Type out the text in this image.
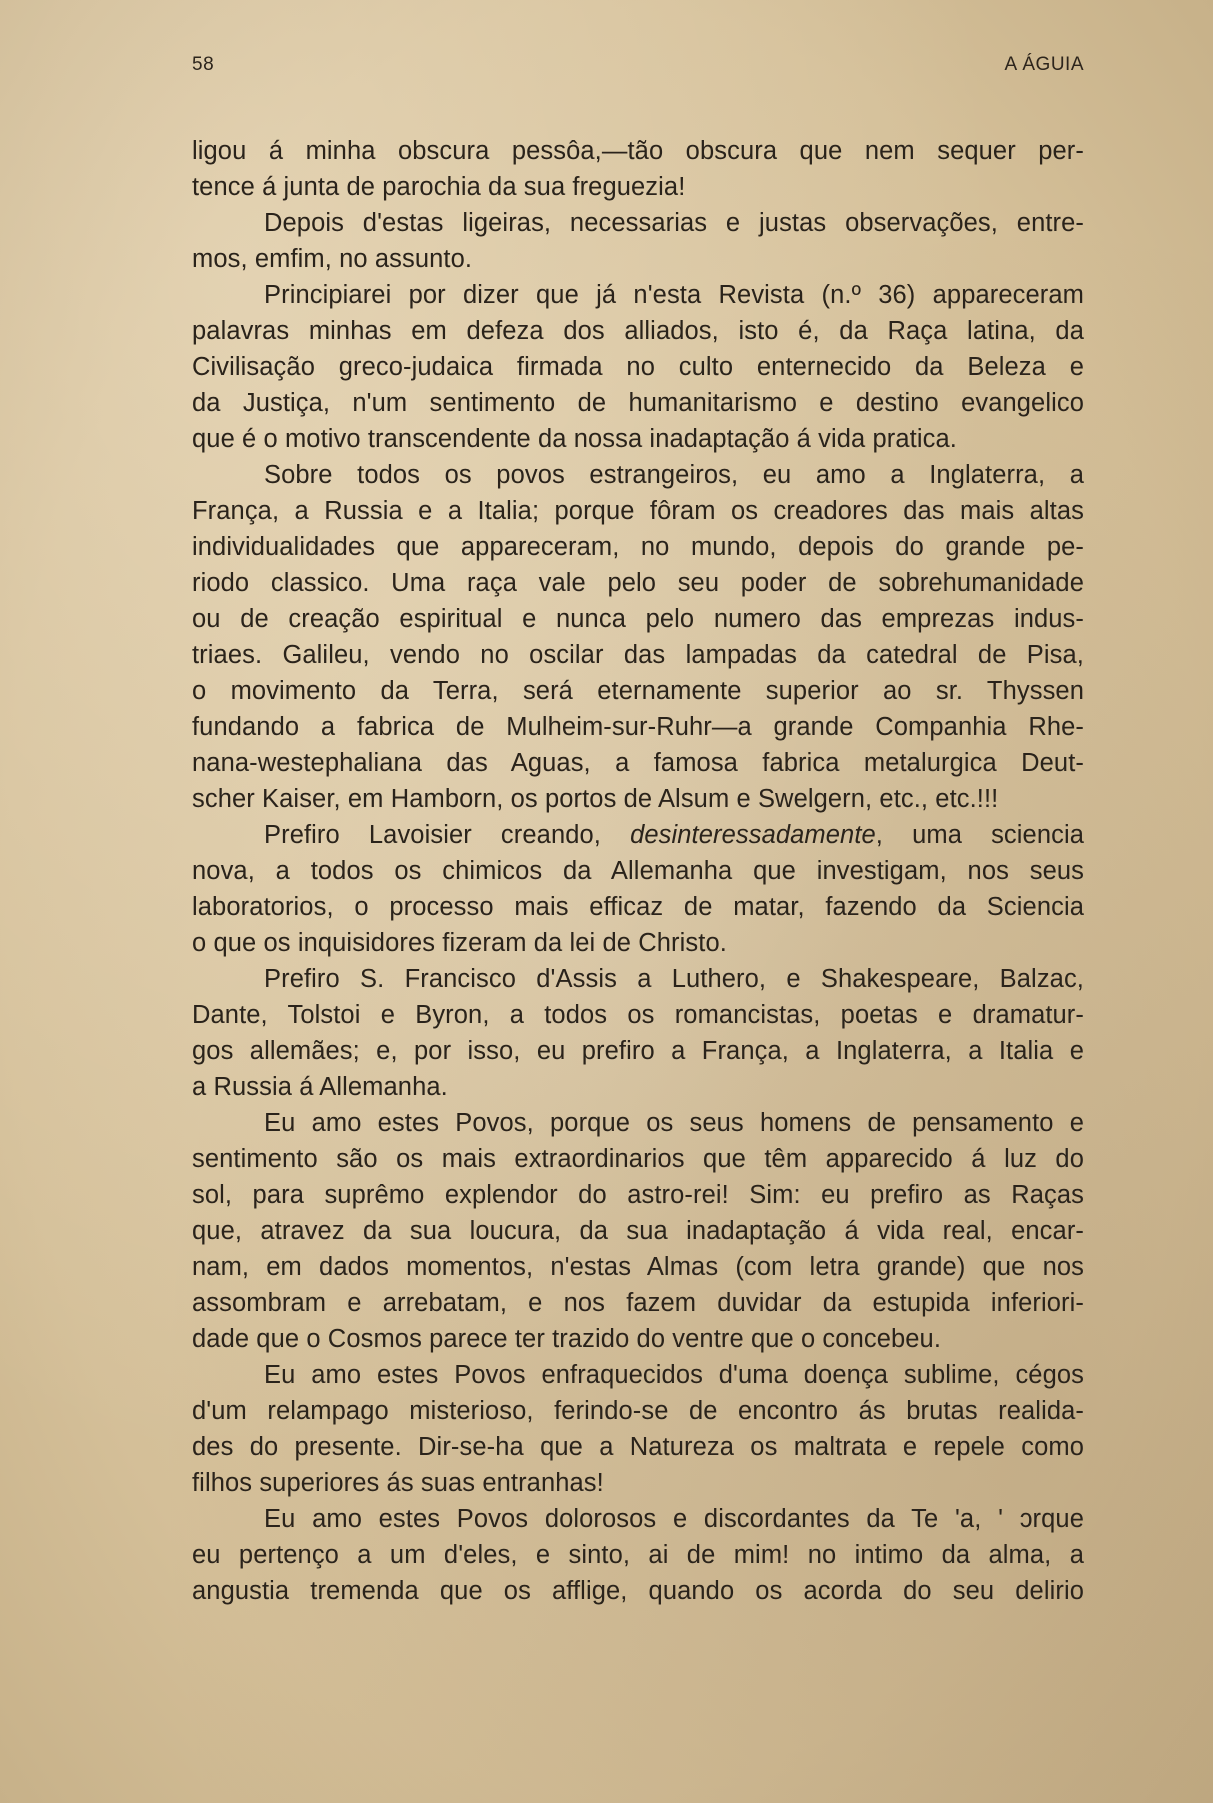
58	A ÁGUIA
ligou á minha obscura pessôa,—tão obscura que nem sequer per-
tence á junta de parochia da sua freguezia!
Depois d'estas ligeiras, necessarias e justas observações, entre-
mos, emfim, no assunto.
Principiarei por dizer que já n'esta Revista (n.º 36) appareceram
palavras minhas em defeza dos alliados, isto é, da Raça latina, da
Civilisação greco-judaica firmada no culto enternecido da Beleza e
da Justiça, n'um sentimento de humanitarismo e destino evangelico
que é o motivo transcendente da nossa inadaptação á vida pratica.
Sobre todos os povos estrangeiros, eu amo a Inglaterra, a
França, a Russia e a Italia; porque fôram os creadores das mais altas
individualidades que appareceram, no mundo, depois do grande pe-
riodo classico. Uma raça vale pelo seu poder de sobrehumanidade
ou de creação espiritual e nunca pelo numero das emprezas indus-
triaes. Galileu, vendo no oscilar das lampadas da catedral de Pisa,
o movimento da Terra, será eternamente superior ao sr. Thyssen
fundando a fabrica de Mulheim-sur-Ruhr—a grande Companhia Rhe-
nana-westephaliana das Aguas, a famosa fabrica metalurgica Deut-
scher Kaiser, em Hamborn, os portos de Alsum e Swelgern, etc., etc.!!!
Prefiro Lavoisier creando, desinteressadamente, uma sciencia
nova, a todos os chimicos da Allemanha que investigam, nos seus
laboratorios, o processo mais efficaz de matar, fazendo da Sciencia
o que os inquisidores fizeram da lei de Christo.
Prefiro S. Francisco d'Assis a Luthero, e Shakespeare, Balzac,
Dante, Tolstoi e Byron, a todos os romancistas, poetas e dramatur-
gos allemães; e, por isso, eu prefiro a França, a Inglaterra, a Italia e
a Russia á Allemanha.
Eu amo estes Povos, porque os seus homens de pensamento e
sentimento são os mais extraordinarios que têm apparecido á luz do
sol, para suprêmo explendor do astro-rei! Sim: eu prefiro as Raças
que, atravez da sua loucura, da sua inadaptação á vida real, encar-
nam, em dados momentos, n'estas Almas (com letra grande) que nos
assombram e arrebatam, e nos fazem duvidar da estupida inferiori-
dade que o Cosmos parece ter trazido do ventre que o concebeu.
Eu amo estes Povos enfraquecidos d'uma doença sublime, cégos
d'um relampago misterioso, ferindo-se de encontro ás brutas realida-
des do presente. Dir-se-ha que a Natureza os maltrata e repele como
filhos superiores ás suas entranhas!
Eu amo estes Povos dolorosos e discordantes da Te 'a, ' ɔrque
eu pertenço a um d'eles, e sinto, ai de mim! no intimo da alma, a
angustia tremenda que os afflige, quando os acorda do seu delirio
